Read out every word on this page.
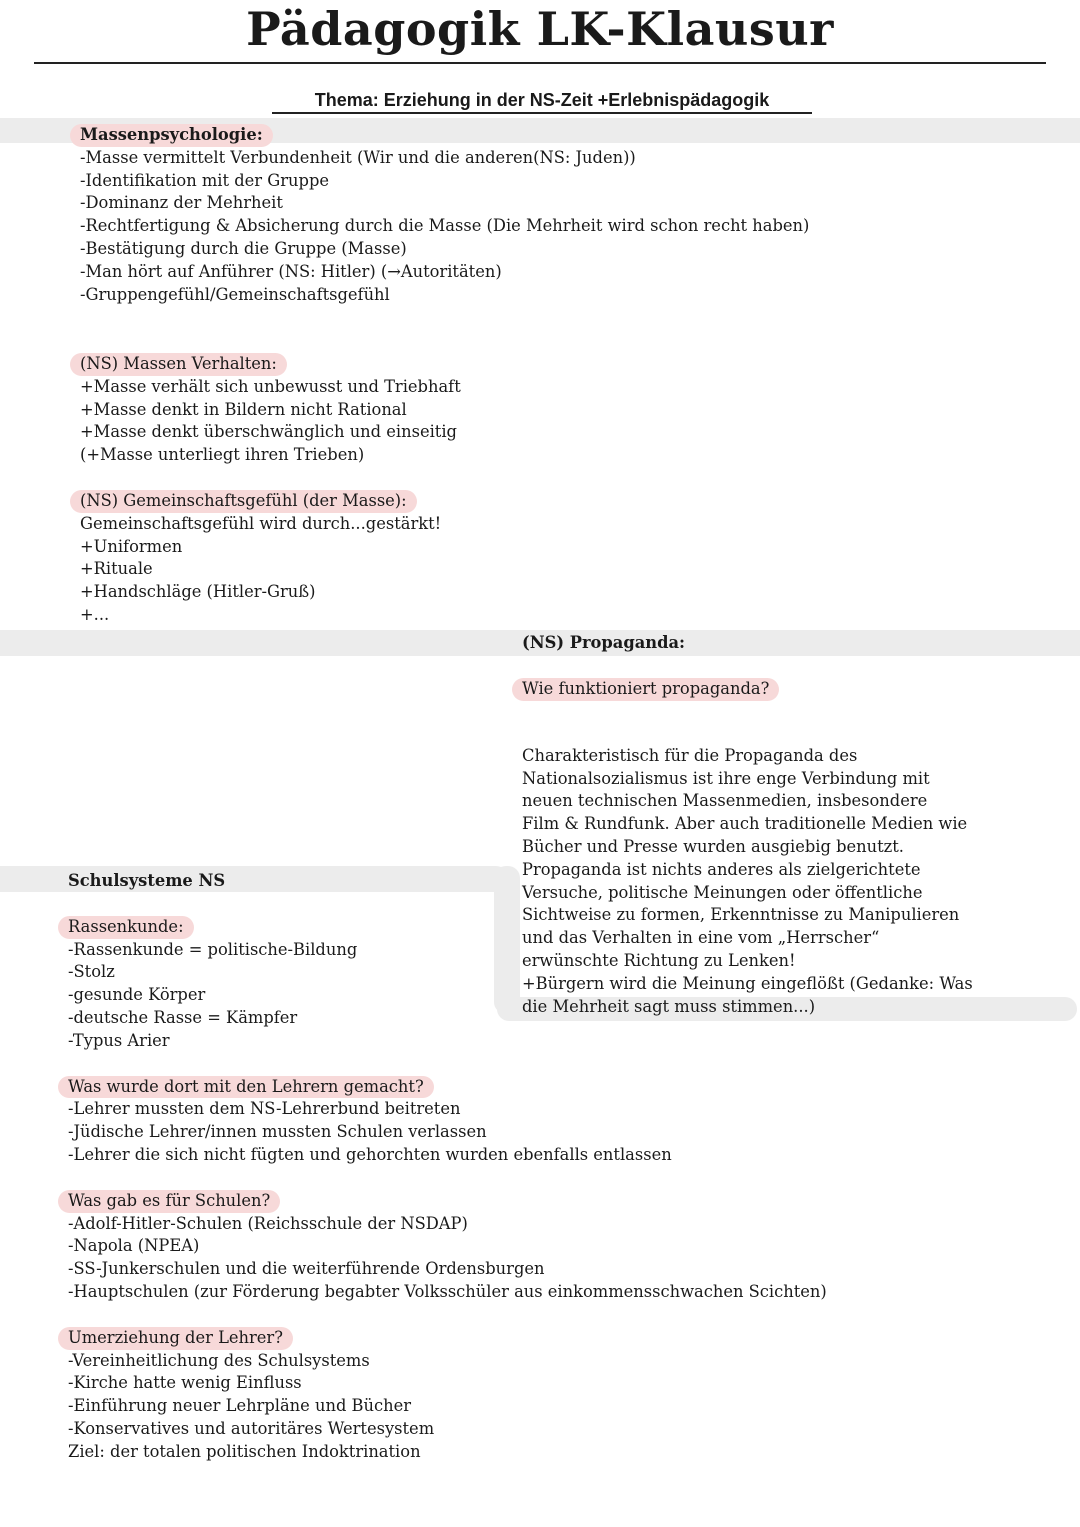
Pädagogik LK-Klausur
Thema: Erziehung in der NS-Zeit +Erlebnispädagogik
Massenpsychologie:
-Masse vermittelt Verbundenheit (Wir und die anderen(NS: Juden))
-Identifikation mit der Gruppe
-Dominanz der Mehrheit
-Rechtfertigung & Absicherung durch die Masse (Die Mehrheit wird schon recht haben)
-Bestätigung durch die Gruppe (Masse)
-Man hört auf Anführer (NS: Hitler) (→Autoritäten)
-Gruppengefühl/Gemeinschaftsgefühl
(NS) Massen Verhalten:
+Masse verhält sich unbewusst und Triebhaft
+Masse denkt in Bildern nicht Rational
+Masse denkt überschwänglich und einseitig
(+Masse unterliegt ihren Trieben)
(NS) Gemeinschaftsgefühl (der Masse):
Gemeinschaftsgefühl wird durch...gestärkt!
+Uniformen
+Rituale
+Handschläge (Hitler-Gruß)
+...
(NS) Propaganda:
Wie funktioniert propaganda?
Charakteristisch für die Propaganda des
Nationalsozialismus ist ihre enge Verbindung mit
neuen technischen Massenmedien, insbesondere
Film & Rundfunk. Aber auch traditionelle Medien wie
Bücher und Presse wurden ausgiebig benutzt.
Propaganda ist nichts anderes als zielgerichtete
Versuche, politische Meinungen oder öffentliche
Sichtweise zu formen, Erkenntnisse zu Manipulieren
und das Verhalten in eine vom „Herrscher“
erwünschte Richtung zu Lenken!
+Bürgern wird die Meinung eingeflößt (Gedanke: Was
die Mehrheit sagt muss stimmen...)
Schulsysteme NS
Rassenkunde:
-Rassenkunde = politische-Bildung
-Stolz
-gesunde Körper
-deutsche Rasse = Kämpfer
-Typus Arier
Was wurde dort mit den Lehrern gemacht?
-Lehrer mussten dem NS-Lehrerbund beitreten
-Jüdische Lehrer/innen mussten Schulen verlassen
-Lehrer die sich nicht fügten und gehorchten wurden ebenfalls entlassen
Was gab es für Schulen?
-Adolf-Hitler-Schulen (Reichsschule der NSDAP)
-Napola (NPEA)
-SS-Junkerschulen und die weiterführende Ordensburgen
-Hauptschulen (zur Förderung begabter Volksschüler aus einkommensschwachen Scichten)
Umerziehung der Lehrer?
-Vereinheitlichung des Schulsystems
-Kirche hatte wenig Einfluss
-Einführung neuer Lehrpläne und Bücher
-Konservatives und autoritäres Wertesystem
Ziel: der totalen politischen Indoktrination
